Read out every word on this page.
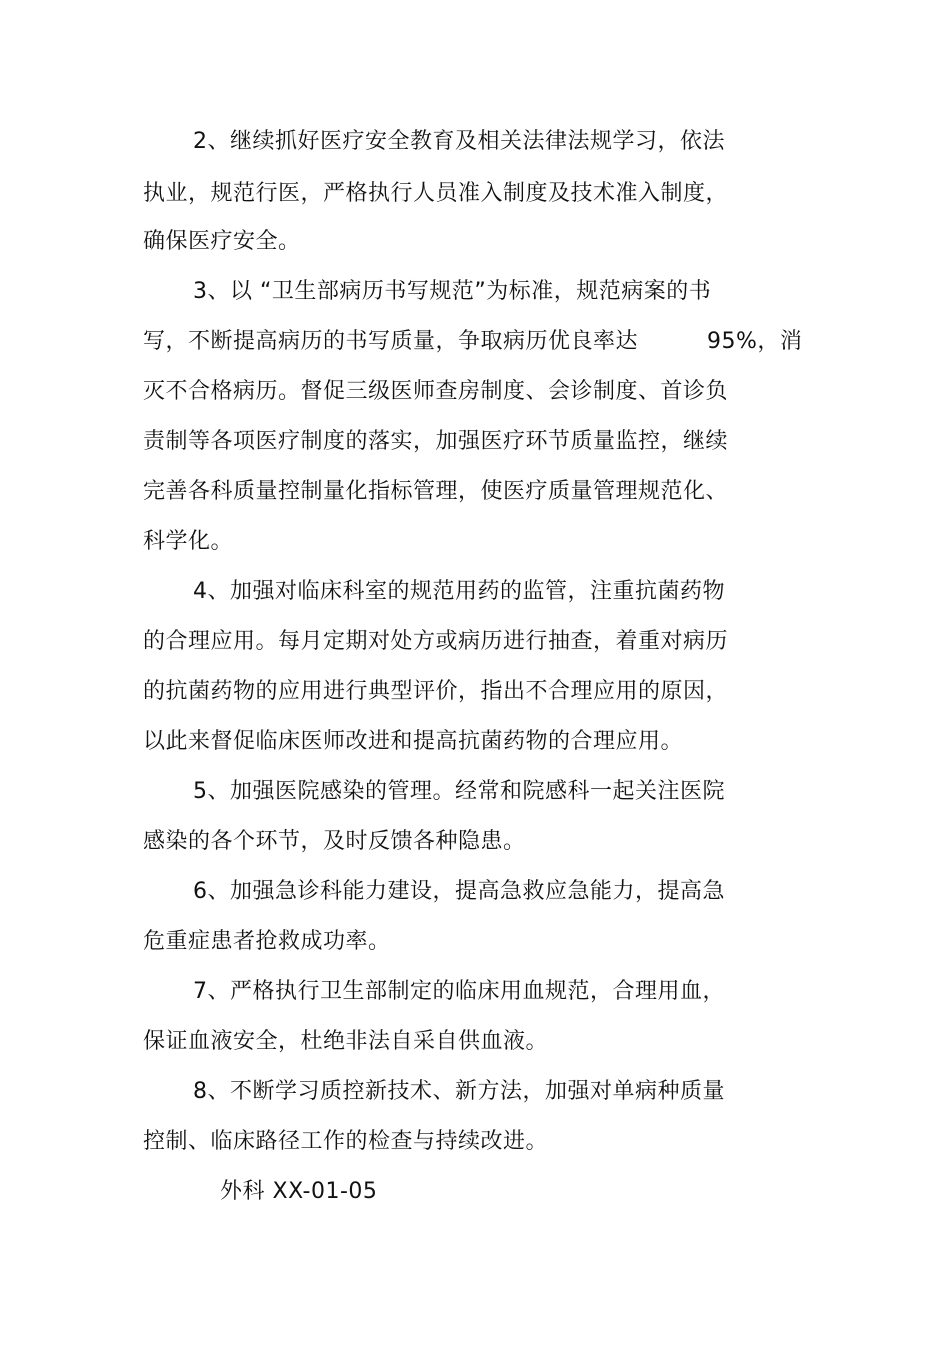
2、继续抓好医疗安全教育及相关法律法规学习，依法
执业，规范行医，严格执行人员准入制度及技术准入制度，
确保医疗安全。
3、以 “卫生部病历书写规范”为标准，规范病案的书
写，不断提高病历的书写质量，争取病历优良率达	95%，消
灭不合格病历。督促三级医师查房制度、会诊制度、首诊负
责制等各项医疗制度的落实，加强医疗环节质量监控，继续
完善各科质量控制量化指标管理，使医疗质量管理规范化、
科学化。
4、加强对临床科室的规范用药的监管，注重抗菌药物
的合理应用。每月定期对处方或病历进行抽查，着重对病历
的抗菌药物的应用进行典型评价，指出不合理应用的原因，
以此来督促临床医师改进和提高抗菌药物的合理应用。
5、加强医院感染的管理。经常和院感科一起关注医院
感染的各个环节，及时反馈各种隐患。
6、加强急诊科能力建设，提高急救应急能力，提高急
危重症患者抢救成功率。
7、严格执行卫生部制定的临床用血规范，合理用血，
保证血液安全，杜绝非法自采自供血液。
8、不断学习质控新技术、新方法，加强对单病种质量
控制、临床路径工作的检查与持续改进。
外科 XX-01-05
